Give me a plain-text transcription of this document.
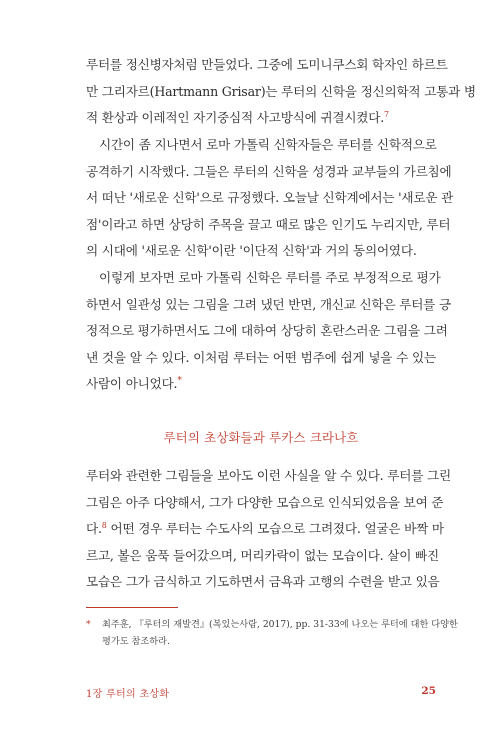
루터를 정신병자처럼 만들었다. 그중에 도미니쿠스회 학자인 하르트
만 그리자르(Hartmann Grisar)는 루터의 신학을 정신의학적 고통과 병
적 환상과 이레적인 자기중심적 사고방식에 귀결시켰다.$^7$
시간이 좀 지나면서 로마 가톨릭 신학자들은 루터를 신학적으로
공격하기 시작했다. 그들은 루터의 신학을 성경과 교부들의 가르침에
서 떠난 '새로운 신학'으로 규정했다. 오늘날 신학계에서는 '새로운 관
점'이라고 하면 상당히 주목을 끌고 때로 많은 인기도 누리지만, 루터
의 시대에 '새로운 신학'이란 '이단적 신학'과 거의 동의어였다.
이렇게 보자면 로마 가톨릭 신학은 루터를 주로 부정적으로 평가
하면서 일관성 있는 그림을 그려 냈던 반면, 개신교 신학은 루터를 긍
정적으로 평가하면서도 그에 대하여 상당히 혼란스러운 그림을 그려
낸 것을 알 수 있다. 이처럼 루터는 어떤 범주에 쉽게 넣을 수 있는
사람이 아니었다.*
루터의 초상화들과 루카스 크라나흐
루터와 관련한 그림들을 보아도 이런 사실을 알 수 있다. 루터를 그린
그림은 아주 다양해서, 그가 다양한 모습으로 인식되었음을 보여 준
다.$^8$ 어떤 경우 루터는 수도사의 모습으로 그려졌다. 얼굴은 바짝 마
르고, 볼은 움푹 들어갔으며, 머리카락이 없는 모습이다. 살이 빠진
모습은 그가 금식하고 기도하면서 금욕과 고행의 수련을 받고 있음
* 최주훈, 『루터의 재발견』(복있는사람, 2017), pp. 31-33에 나오는 루터에 대한 다양한
평가도 참조하라.
1장 루터의 초상화	25
